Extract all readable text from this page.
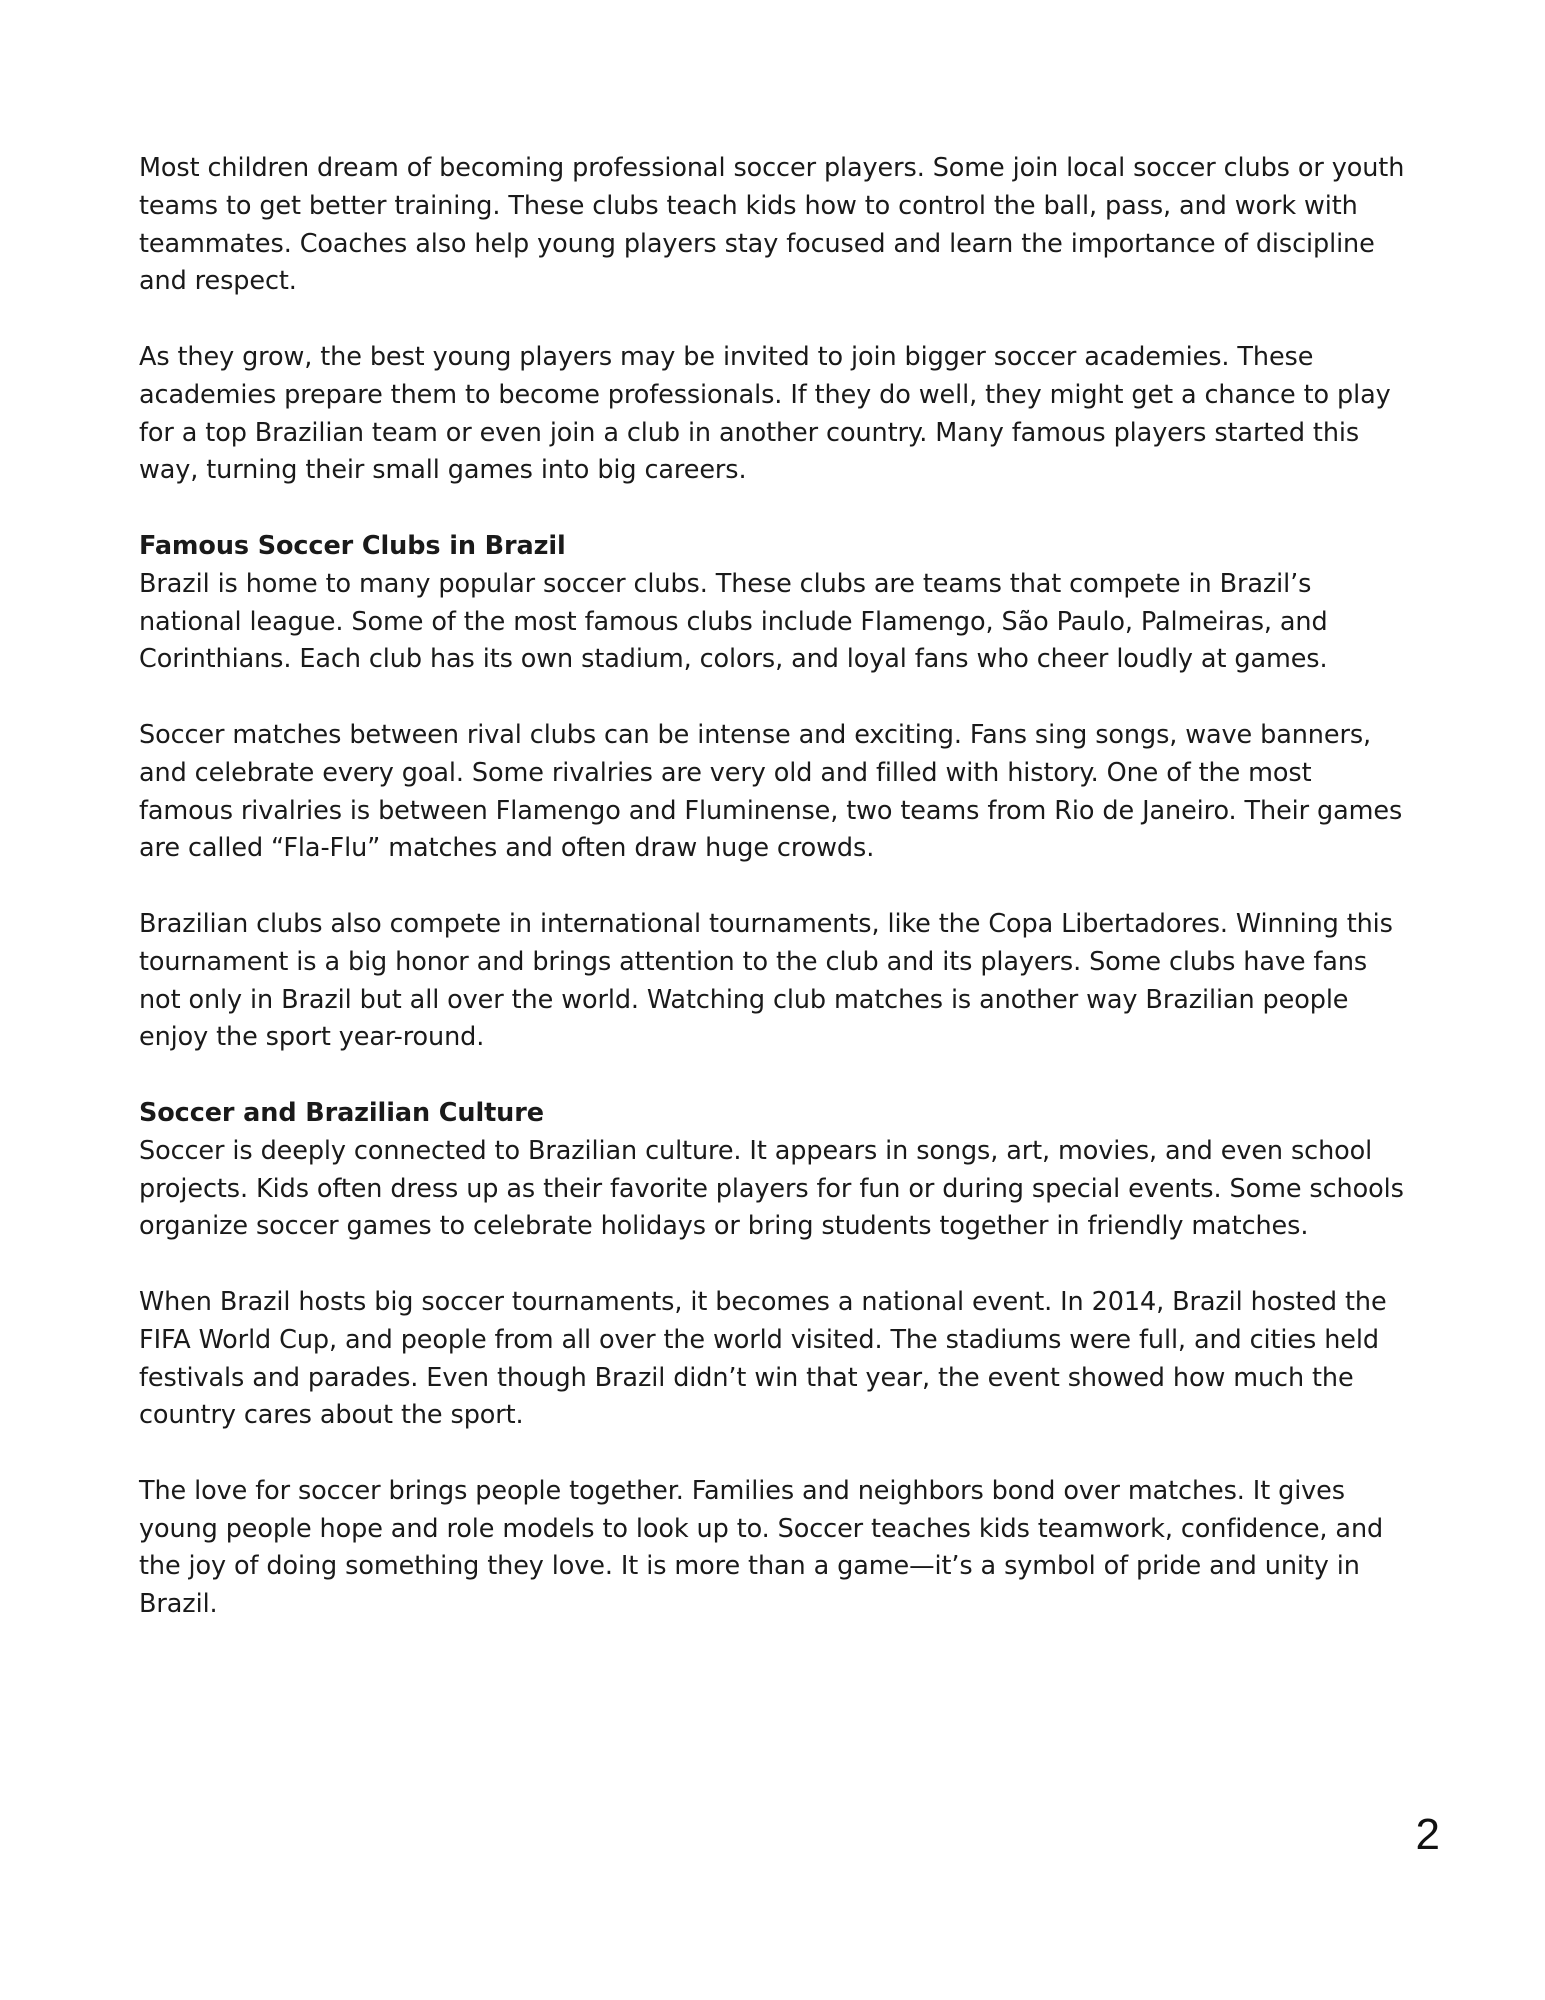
Most children dream of becoming professional soccer players. Some join local soccer clubs or youth teams to get better training. These clubs teach kids how to control the ball, pass, and work with teammates. Coaches also help young players stay focused and learn the importance of discipline and respect.

As they grow, the best young players may be invited to join bigger soccer academies. These academies prepare them to become professionals. If they do well, they might get a chance to play for a top Brazilian team or even join a club in another country. Many famous players started this way, turning their small games into big careers.

Famous Soccer Clubs in Brazil

Brazil is home to many popular soccer clubs. These clubs are teams that compete in Brazil’s national league. Some of the most famous clubs include Flamengo, São Paulo, Palmeiras, and Corinthians. Each club has its own stadium, colors, and loyal fans who cheer loudly at games.

Soccer matches between rival clubs can be intense and exciting. Fans sing songs, wave banners, and celebrate every goal. Some rivalries are very old and filled with history. One of the most famous rivalries is between Flamengo and Fluminense, two teams from Rio de Janeiro. Their games are called “Fla-Flu” matches and often draw huge crowds.

Brazilian clubs also compete in international tournaments, like the Copa Libertadores. Winning this tournament is a big honor and brings attention to the club and its players. Some clubs have fans not only in Brazil but all over the world. Watching club matches is another way Brazilian people enjoy the sport year-round.

Soccer and Brazilian Culture

Soccer is deeply connected to Brazilian culture. It appears in songs, art, movies, and even school projects. Kids often dress up as their favorite players for fun or during special events. Some schools organize soccer games to celebrate holidays or bring students together in friendly matches.

When Brazil hosts big soccer tournaments, it becomes a national event. In 2014, Brazil hosted the FIFA World Cup, and people from all over the world visited. The stadiums were full, and cities held festivals and parades. Even though Brazil didn’t win that year, the event showed how much the country cares about the sport.

The love for soccer brings people together. Families and neighbors bond over matches. It gives young people hope and role models to look up to. Soccer teaches kids teamwork, confidence, and the joy of doing something they love. It is more than a game—it’s a symbol of pride and unity in Brazil.

2
